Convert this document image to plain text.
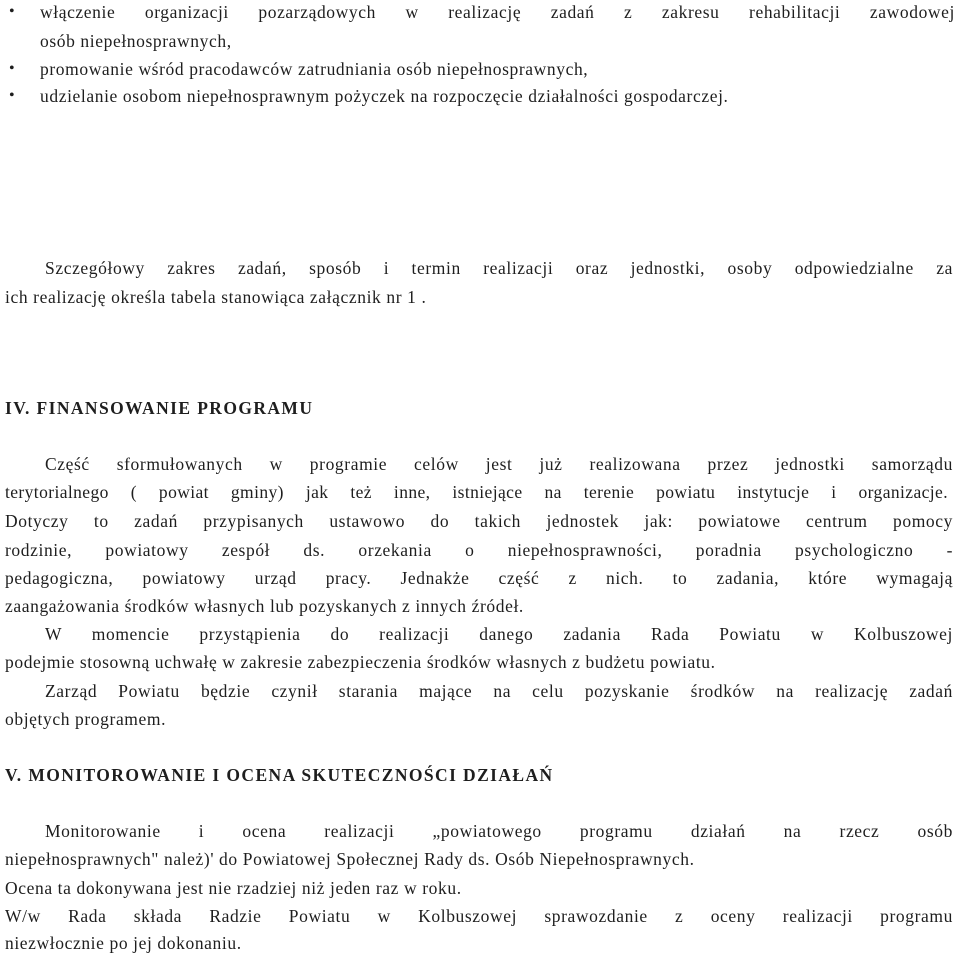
•	włączenie organizacji pozarządowych w realizację zadań z zakresu rehabilitacji zawodowej
osób niepełnosprawnych,
•	promowanie wśród pracodawców zatrudniania osób niepełnosprawnych,
•	udzielanie osobom niepełnosprawnym pożyczek na rozpoczęcie działalności gospodarczej.
Szczegółowy zakres zadań, sposób i termin realizacji oraz jednostki, osoby odpowiedzialne za
ich realizację określa tabela stanowiąca załącznik nr 1 .
IV. FINANSOWANIE PROGRAMU
Część sformułowanych w programie celów jest już realizowana przez jednostki samorządu
terytorialnego ( powiat gminy) jak też inne, istniejące na terenie powiatu instytucje i organizacje.
Dotyczy to zadań przypisanych ustawowo do takich jednostek jak: powiatowe centrum pomocy
rodzinie, powiatowy zespół ds. orzekania o niepełnosprawności, poradnia psychologiczno -
pedagogiczna, powiatowy urząd pracy. Jednakże część z nich. to zadania, które wymagają
zaangażowania środków własnych lub pozyskanych z innych źródeł.
W momencie przystąpienia do realizacji danego zadania Rada Powiatu w Kolbuszowej
podejmie stosowną uchwałę w zakresie zabezpieczenia środków własnych z budżetu powiatu.
Zarząd Powiatu będzie czynił starania mające na celu pozyskanie środków na realizację zadań
objętych programem.
V. MONITOROWANIE I OCENA SKUTECZNOŚCI DZIAŁAŃ
Monitorowanie i ocena realizacji „powiatowego programu działań na rzecz osób
niepełnosprawnych" należ)' do Powiatowej Społecznej Rady ds. Osób Niepełnosprawnych.
Ocena ta dokonywana jest nie rzadziej niż jeden raz w roku.
W/w Rada składa Radzie Powiatu w Kolbuszowej sprawozdanie z oceny realizacji programu
niezwłocznie po jej dokonaniu.
